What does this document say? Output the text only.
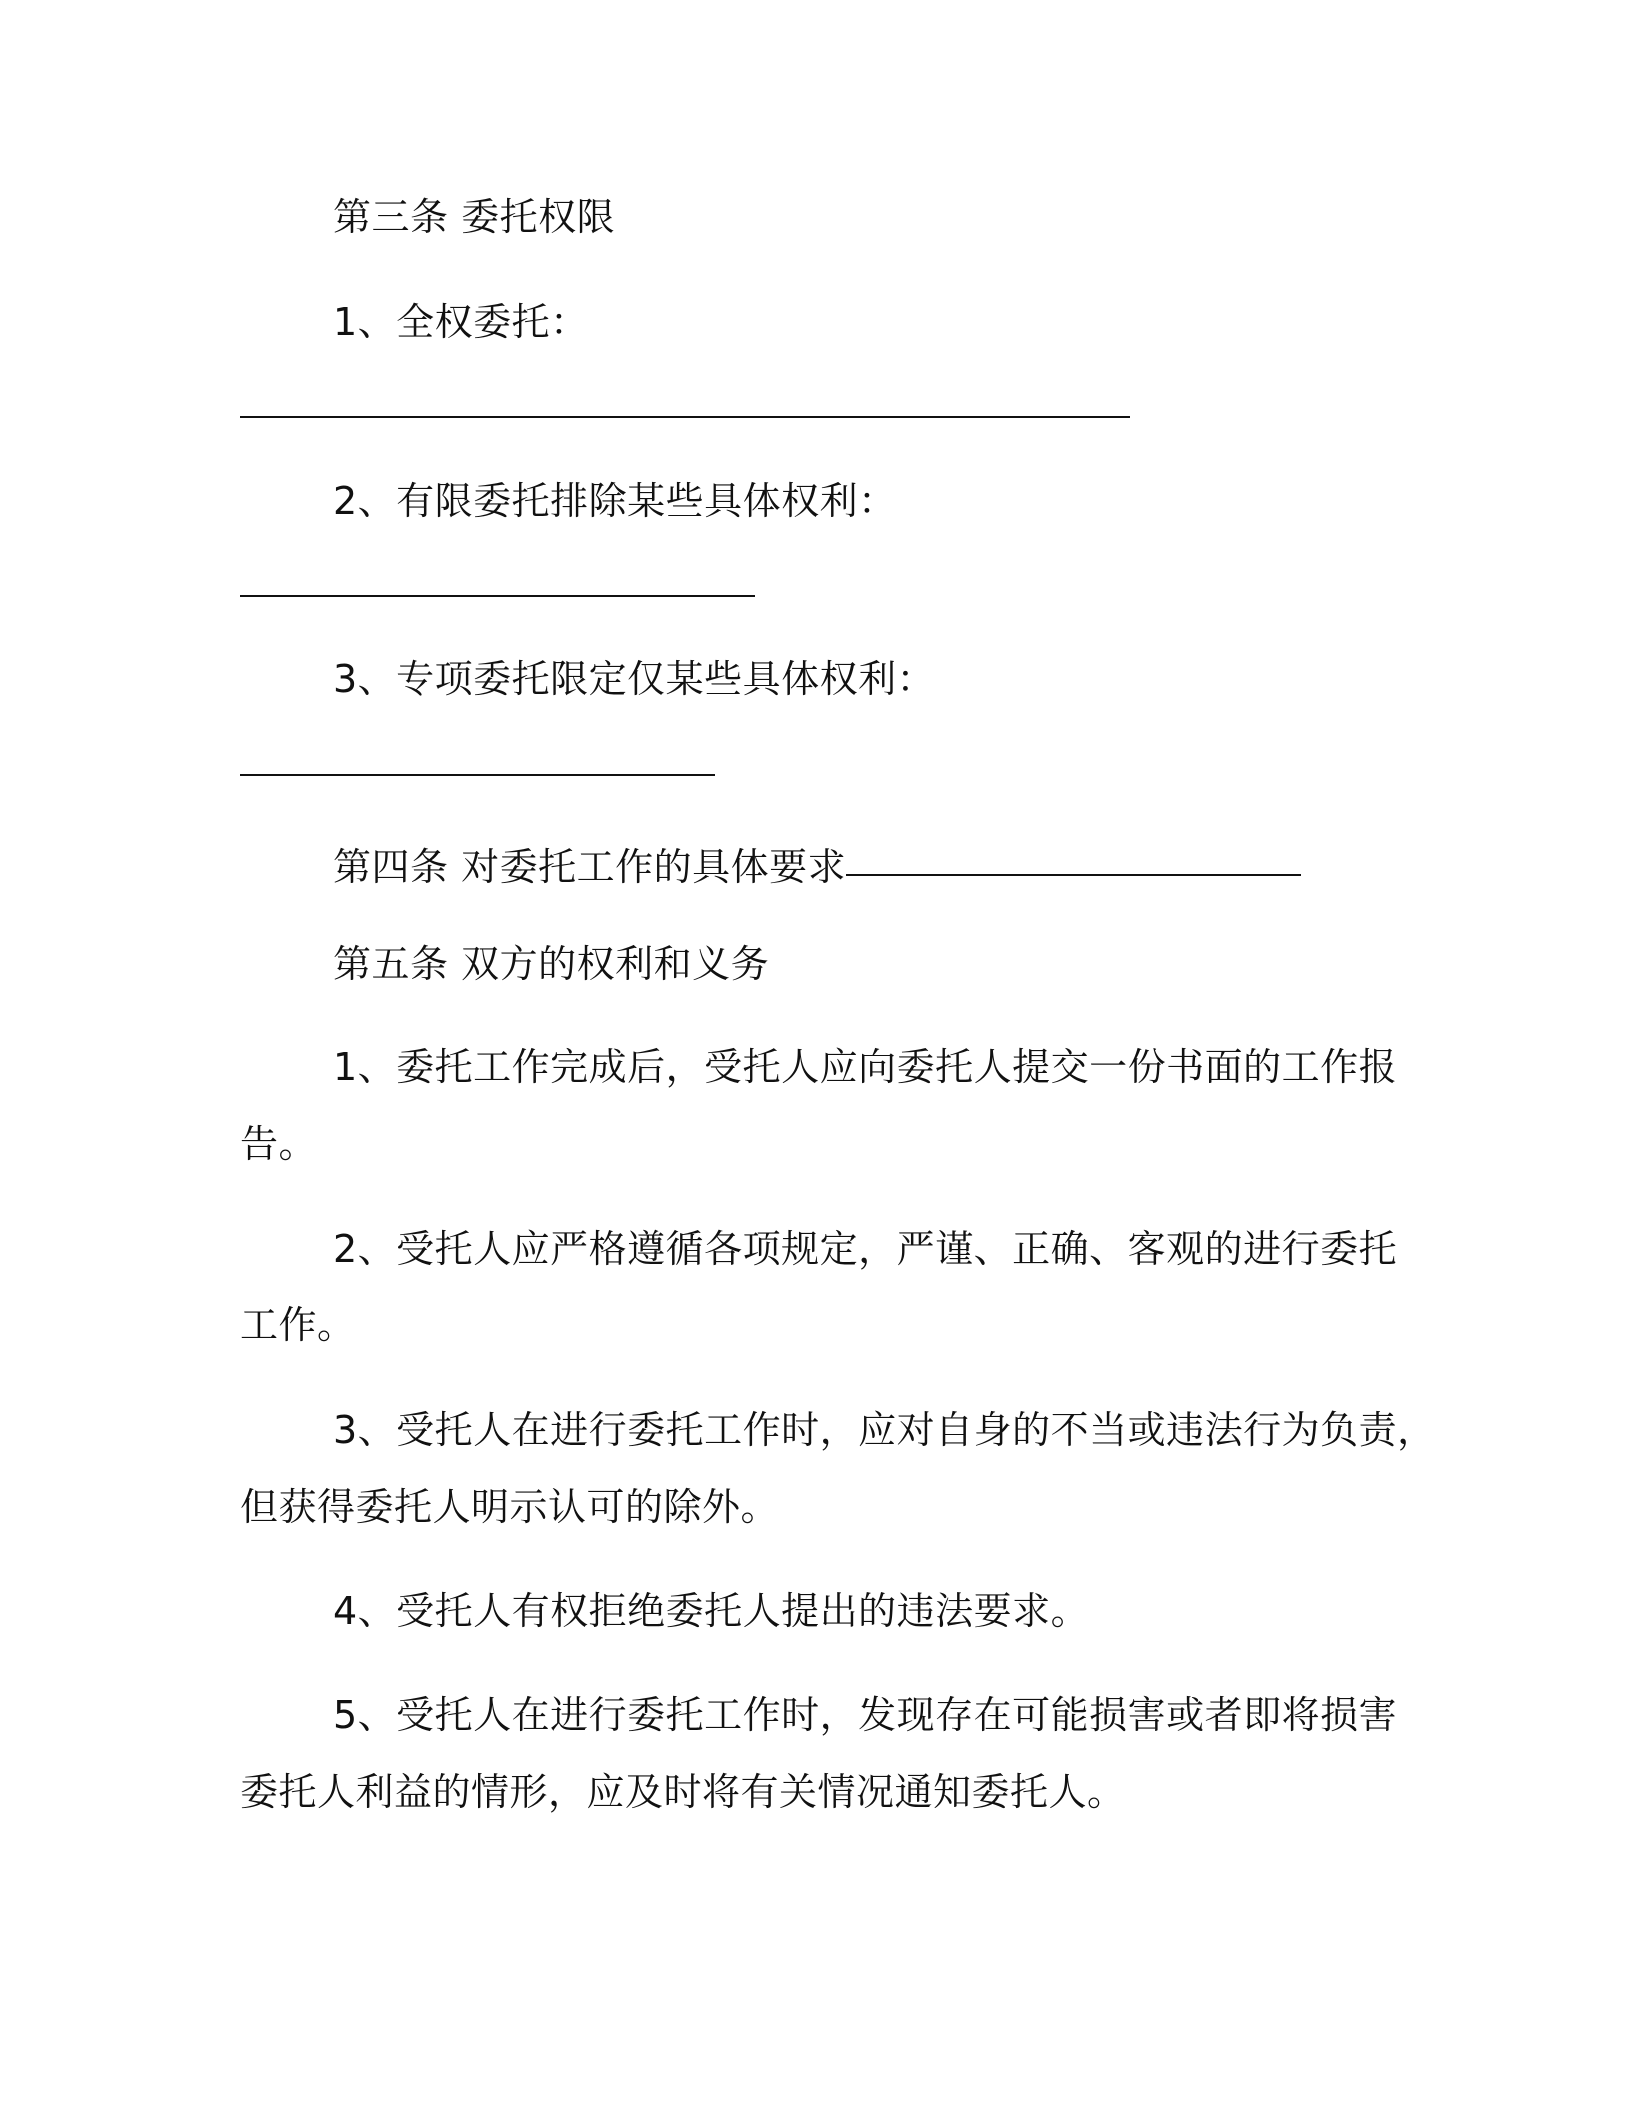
第三条 委托权限

1、全权委托：

2、有限委托排除某些具体权利：

3、专项委托限定仅某些具体权利：

第四条 对委托工作的具体要求

第五条 双方的权利和义务

1、委托工作完成后，受托人应向委托人提交一份书面的工作报

告。

2、受托人应严格遵循各项规定，严谨、正确、客观的进行委托

工作。

3、受托人在进行委托工作时，应对自身的不当或违法行为负责，

但获得委托人明示认可的除外。

4、受托人有权拒绝委托人提出的违法要求。

5、受托人在进行委托工作时，发现存在可能损害或者即将损害

委托人利益的情形，应及时将有关情况通知委托人。
